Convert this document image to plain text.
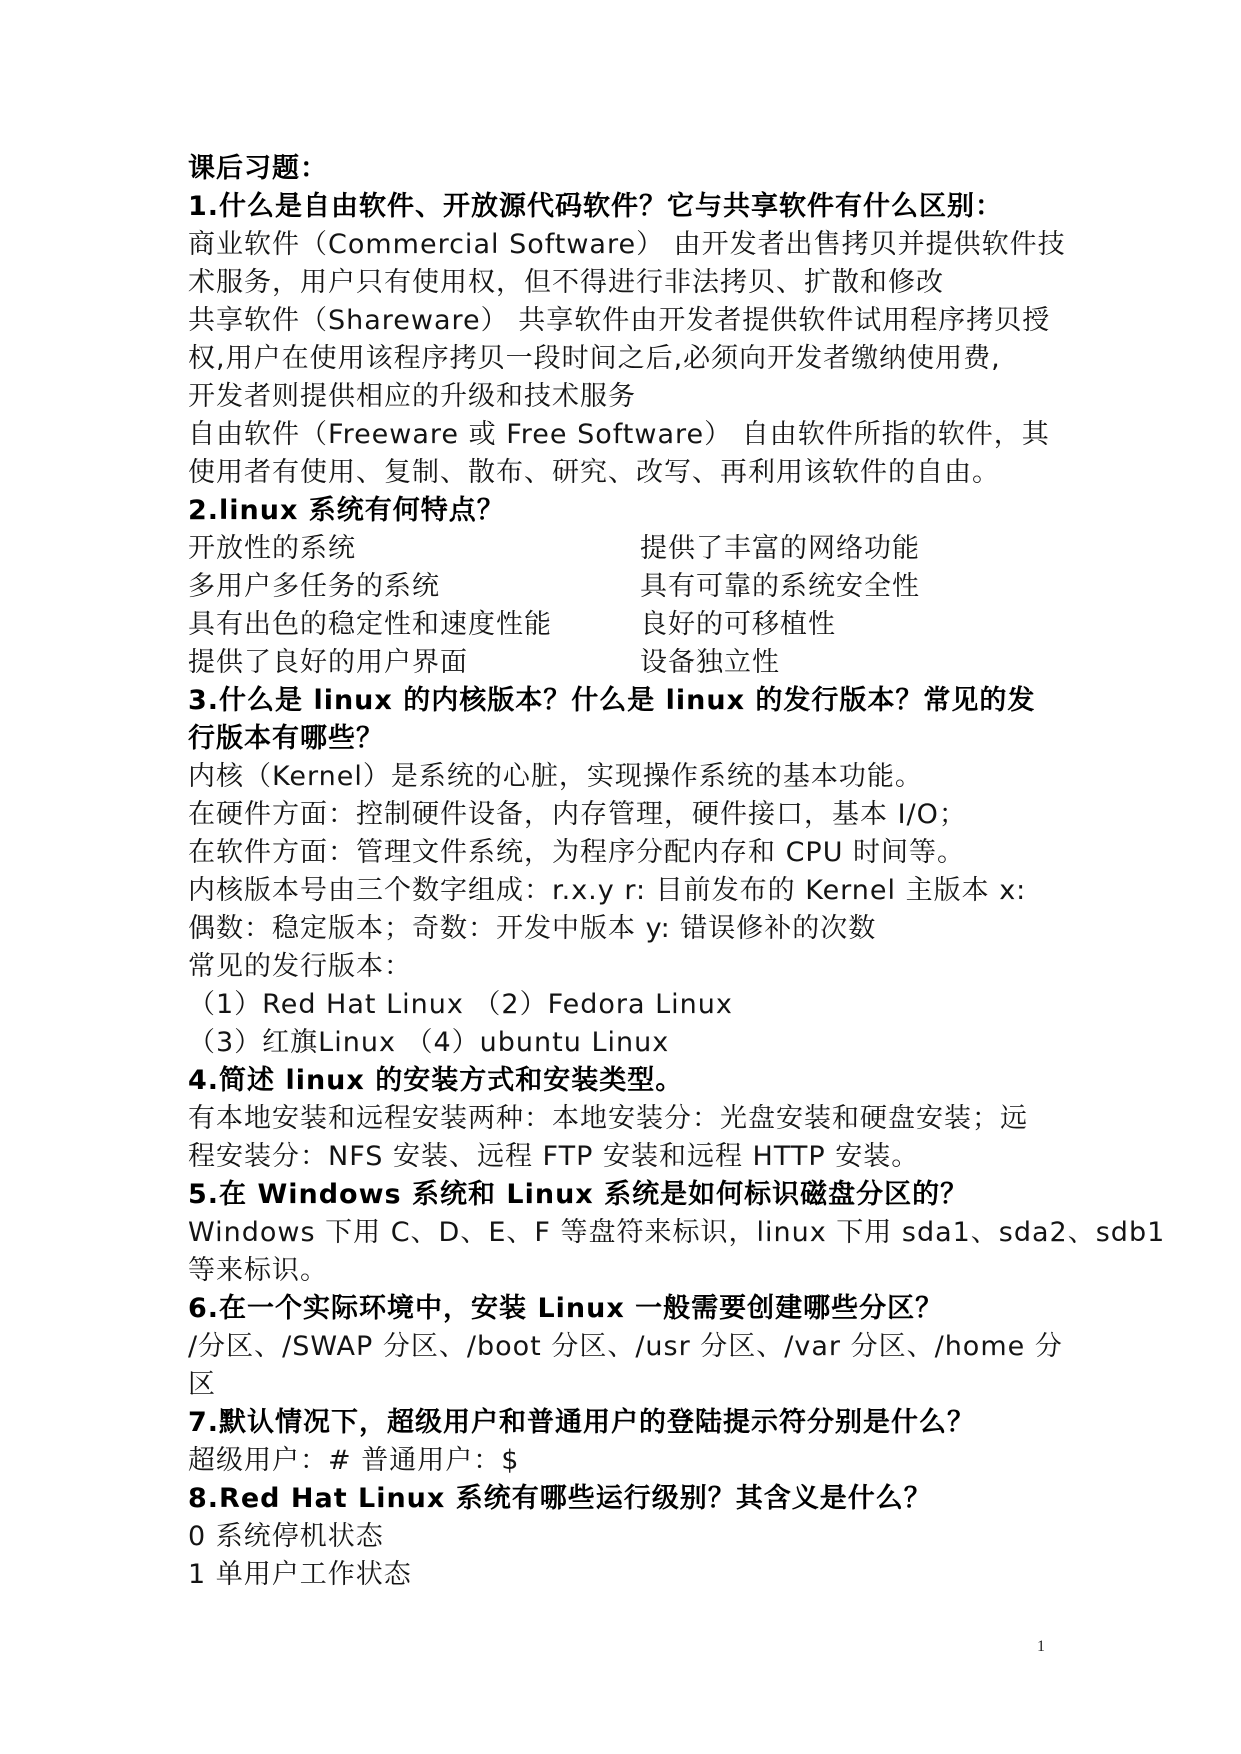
课后习题：
1.什么是自由软件、开放源代码软件？它与共享软件有什么区别：
商业软件（Commercial Software） 由开发者出售拷贝并提供软件技
术服务，用户只有使用权，但不得进行非法拷贝、扩散和修改
共享软件（Shareware） 共享软件由开发者提供软件试用程序拷贝授
权,用户在使用该程序拷贝一段时间之后,必须向开发者缴纳使用费,
开发者则提供相应的升级和技术服务
自由软件（Freeware 或 Free Software） 自由软件所指的软件，其
使用者有使用、复制、散布、研究、改写、再利用该软件的自由。
2.linux 系统有何特点？
开放性的系统	提供了丰富的网络功能
多用户多任务的系统	具有可靠的系统安全性
具有出色的稳定性和速度性能	良好的可移植性
提供了良好的用户界面	设备独立性
3.什么是 linux 的内核版本？什么是 linux 的发行版本？常见的发
行版本有哪些？
内核（Kernel）是系统的心脏，实现操作系统的基本功能。
在硬件方面：控制硬件设备，内存管理，硬件接口，基本 I/O；
在软件方面：管理文件系统，为程序分配内存和 CPU 时间等。
内核版本号由三个数字组成：r.x.y r: 目前发布的 Kernel 主版本 x:
偶数：稳定版本；奇数：开发中版本 y: 错误修补的次数
常见的发行版本：
（1）Red Hat Linux （2）Fedora Linux
（3）红旗Linux （4）ubuntu Linux
4.简述 linux 的安装方式和安装类型。
有本地安装和远程安装两种：本地安装分：光盘安装和硬盘安装；远
程安装分：NFS 安装、远程 FTP 安装和远程 HTTP 安装。
5.在 Windows 系统和 Linux 系统是如何标识磁盘分区的？
Windows 下用 C、D、E、F 等盘符来标识，linux 下用 sda1、sda2、sdb1
等来标识。
6.在一个实际环境中，安装 Linux 一般需要创建哪些分区？
/分区、/SWAP 分区、/boot 分区、/usr 分区、/var 分区、/home 分
区
7.默认情况下，超级用户和普通用户的登陆提示符分别是什么？
超级用户：# 普通用户：$
8.Red Hat Linux 系统有哪些运行级别？其含义是什么？
0 系统停机状态
1 单用户工作状态
1
